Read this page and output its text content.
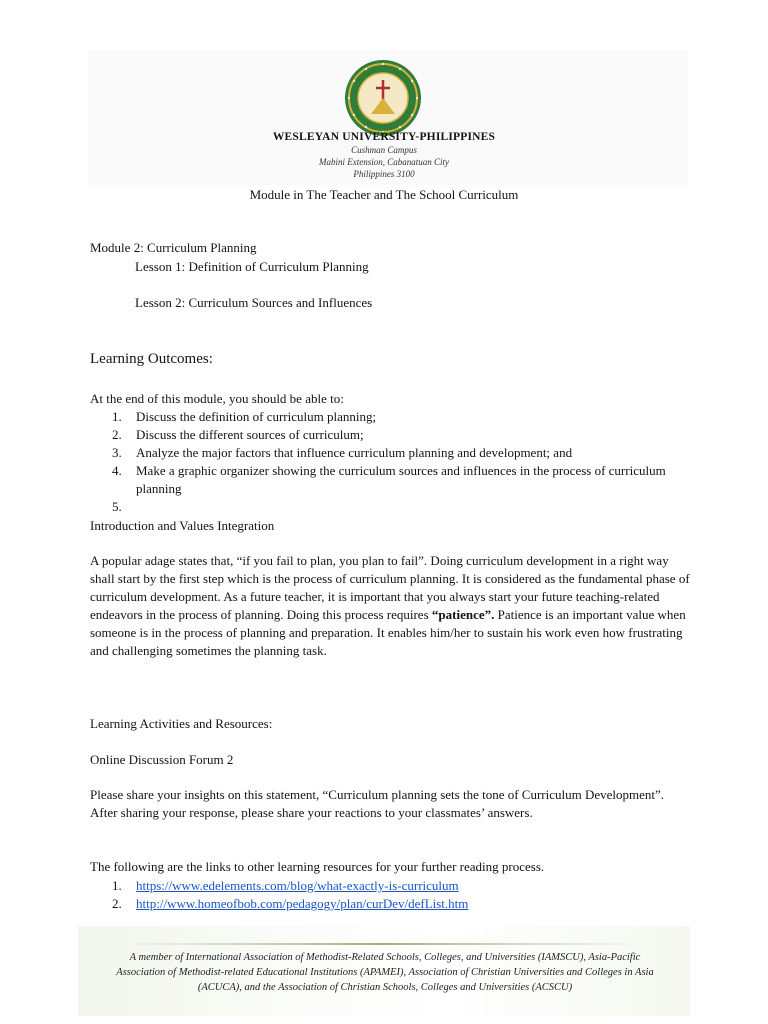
WESLEYAN UNIVERSITY-PHILIPPINES
Cushman Campus
Mabini Extension, Cabanatuan City
Philippines 3100
Module in The Teacher and The School Curriculum
Module 2: Curriculum Planning
Lesson 1: Definition of Curriculum Planning
Lesson 2: Curriculum Sources and Influences
Learning Outcomes:
At the end of this module, you should be able to:
1. Discuss the definition of curriculum planning;
2. Discuss the different sources of curriculum;
3. Analyze the major factors that influence curriculum planning and development; and
4. Make a graphic organizer showing the curriculum sources and influences in the process of curriculum planning
5.
Introduction and Values Integration
A popular adage states that, “if you fail to plan, you plan to fail”. Doing curriculum development in a right way shall start by the first step which is the process of curriculum planning. It is considered as the fundamental phase of curriculum development. As a future teacher, it is important that you always start your future teaching-related endeavors in the process of planning. Doing this process requires “patience”. Patience is an important value when someone is in the process of planning and preparation. It enables him/her to sustain his work even how frustrating and challenging sometimes the planning task.
Learning Activities and Resources:
Online Discussion Forum 2
Please share your insights on this statement, “Curriculum planning sets the tone of Curriculum Development”. After sharing your response, please share your reactions to your classmates’ answers.
The following are the links to other learning resources for your further reading process.
1. https://www.edelements.com/blog/what-exactly-is-curriculum
2. http://www.homeofbob.com/pedagogy/plan/curDev/defList.htm
A member of International Association of Methodist-Related Schools, Colleges, and Universities (IAMSCU), Asia-Pacific Association of Methodist-related Educational Institutions (APAMEI), Association of Christian Universities and Colleges in Asia (ACUCA), and the Association of Christian Schools, Colleges and Universities (ACSCU)
